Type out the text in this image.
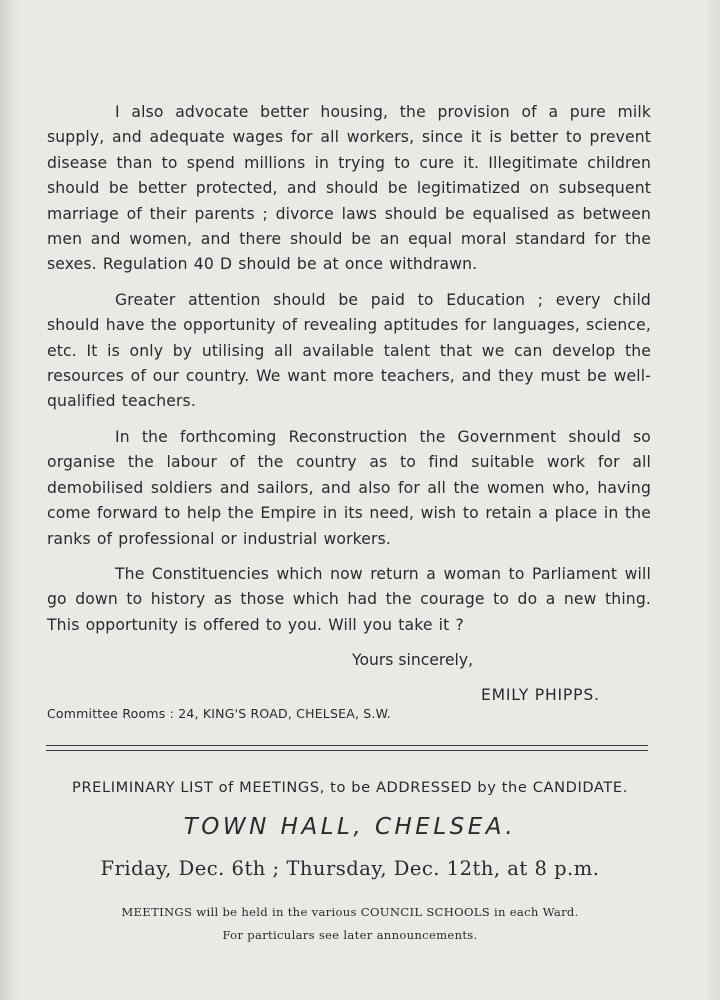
I also advocate better housing, the provision of a pure milk supply, and adequate wages for all workers, since it is better to prevent disease than to spend millions in trying to cure it. Illegitimate children should be better protected, and should be legitimatized on subsequent marriage of their parents ; divorce laws should be equalised as between men and women, and there should be an equal moral standard for the sexes. Regulation 40 D should be at once withdrawn.

Greater attention should be paid to Education ; every child should have the opportunity of revealing aptitudes for languages, science, etc. It is only by utilising all available talent that we can develop the resources of our country. We want more teachers, and they must be well-qualified teachers.

In the forthcoming Reconstruction the Government should so organise the labour of the country as to find suitable work for all demobilised soldiers and sailors, and also for all the women who, having come forward to help the Empire in its need, wish to retain a place in the ranks of professional or industrial workers.

The Constituencies which now return a woman to Parliament will go down to history as those which had the courage to do a new thing. This opportunity is offered to you. Will you take it ?

Yours sincerely,
EMILY PHIPPS.
Committee Rooms : 24, KING'S ROAD, CHELSEA, S.W.
PRELIMINARY LIST of MEETINGS, to be ADDRESSED by the CANDIDATE.
TOWN HALL, CHELSEA.
Friday, Dec. 6th ; Thursday, Dec. 12th, at 8 p.m.
MEETINGS will be held in the various COUNCIL SCHOOLS in each Ward.
For particulars see later announcements.
